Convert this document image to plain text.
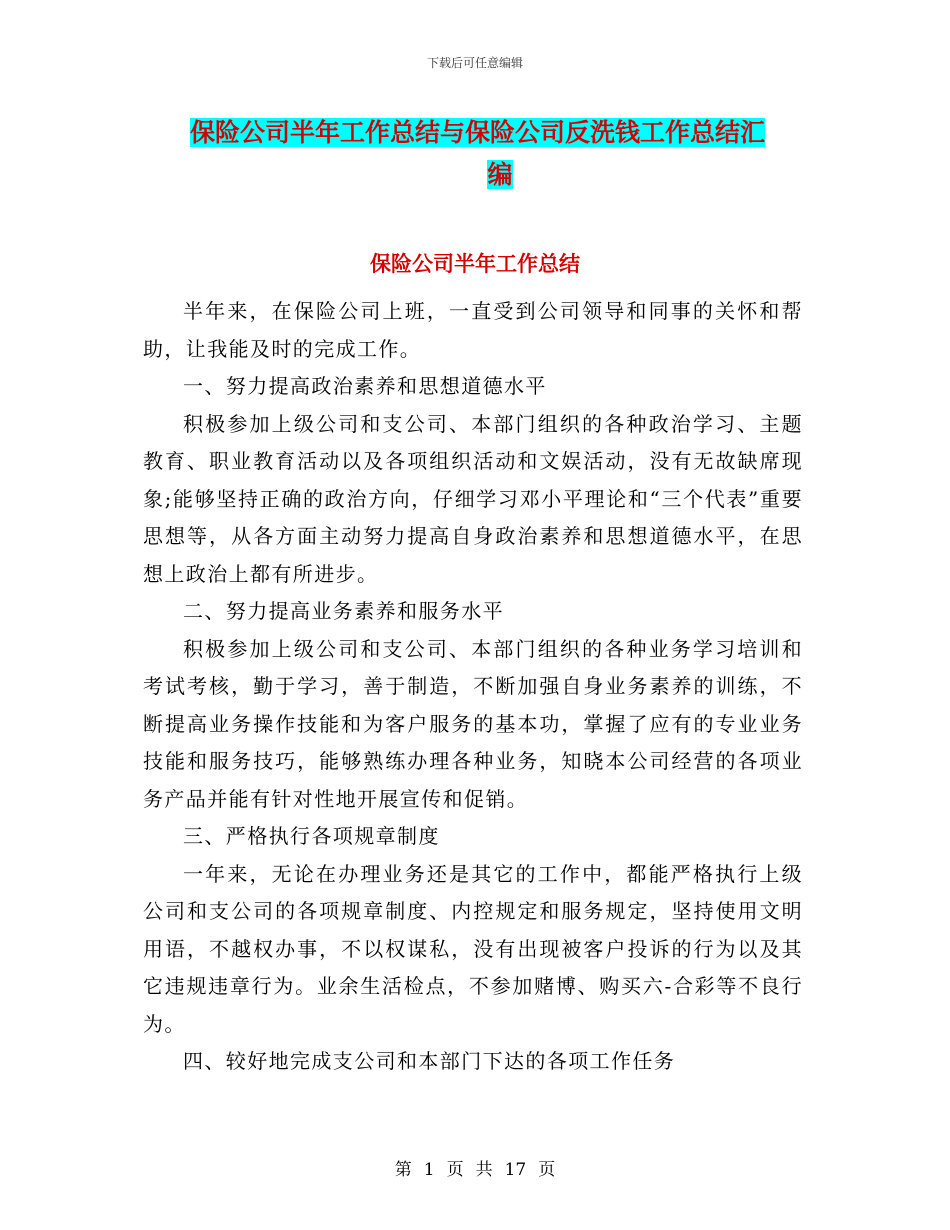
下载后可任意编辑
保险公司半年工作总结与保险公司反洗钱工作总结汇
编
保险公司半年工作总结

半年来，在保险公司上班，一直受到公司领导和同事的关怀和帮助，让我能及时的完成工作。

一、努力提高政治素养和思想道德水平

积极参加上级公司和支公司、本部门组织的各种政治学习、主题教育、职业教育活动以及各项组织活动和文娱活动，没有无故缺席现象;能够坚持正确的政治方向，仔细学习邓小平理论和“三个代表”重要思想等，从各方面主动努力提高自身政治素养和思想道德水平，在思想上政治上都有所进步。

二、努力提高业务素养和服务水平

积极参加上级公司和支公司、本部门组织的各种业务学习培训和考试考核，勤于学习，善于制造，不断加强自身业务素养的训练，不断提高业务操作技能和为客户服务的基本功，掌握了应有的专业业务技能和服务技巧，能够熟练办理各种业务，知晓本公司经营的各项业务产品并能有针对性地开展宣传和促销。

三、严格执行各项规章制度

一年来，无论在办理业务还是其它的工作中，都能严格执行上级公司和支公司的各项规章制度、内控规定和服务规定，坚持使用文明用语，不越权办事，不以权谋私，没有出现被客户投诉的行为以及其它违规违章行为。业余生活检点，不参加赌博、购买六-合彩等不良行为。

四、较好地完成支公司和本部门下达的各项工作任务

第 1 页 共 17 页
